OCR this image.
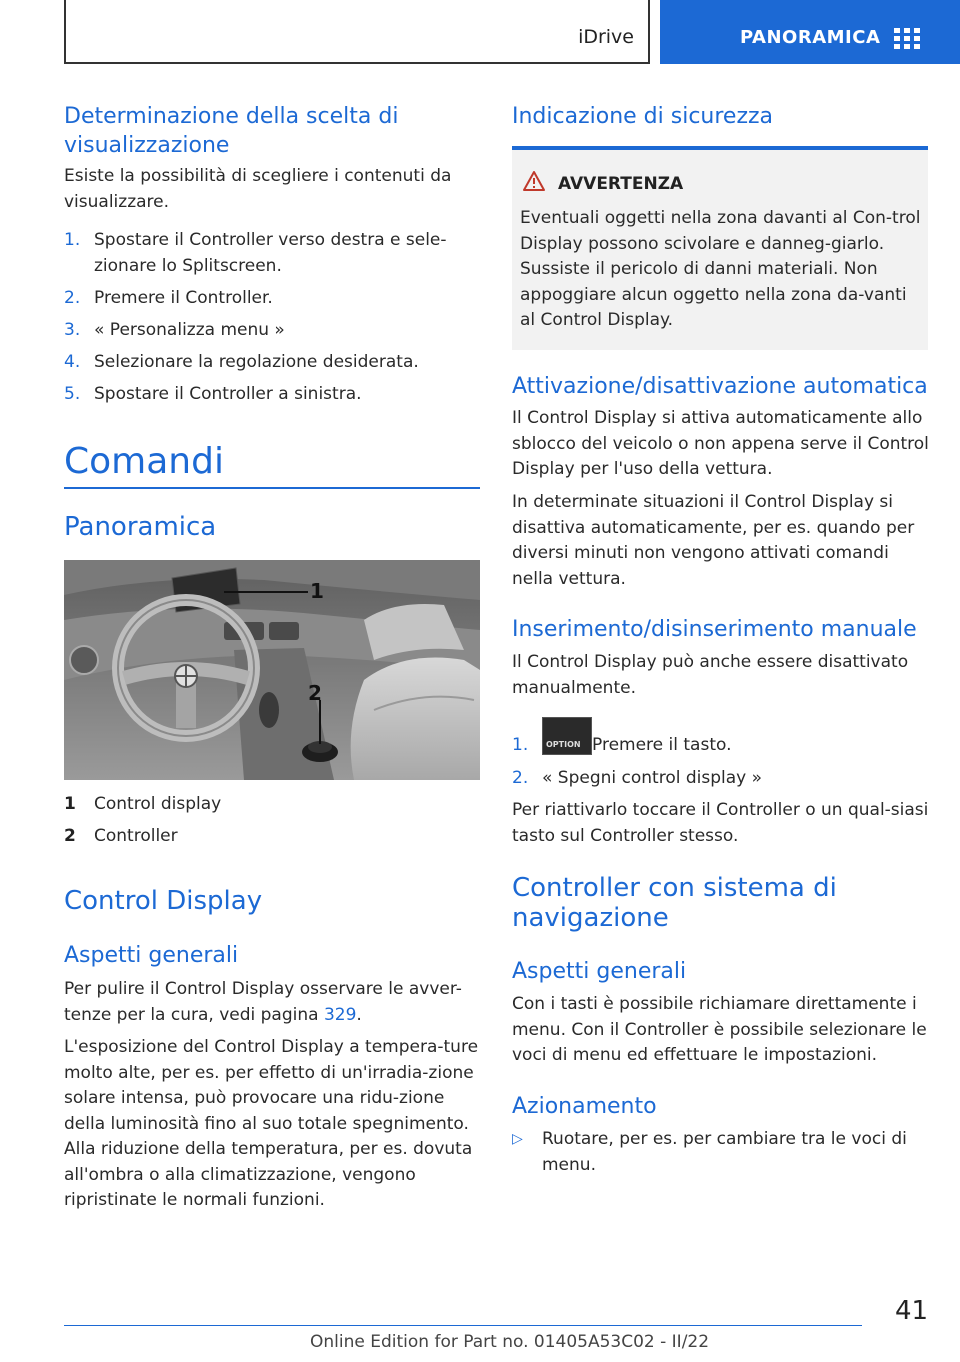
iDrive	PANORAMICA
Determinazione della scelta di visualizzazione
Esiste la possibilità di scegliere i contenuti da visualizzare.
1. Spostare il Controller verso destra e sele-zionare lo Splitscreen.
2. Premere il Controller.
3. « Personalizza menu »
4. Selezionare la regolazione desiderata.
5. Spostare il Controller a sinistra.
Comandi
Panoramica
1
2
1 Control display
2 Controller
Control Display
Aspetti generali
Per pulire il Control Display osservare le avver-tenze per la cura, vedi pagina 329.
L'esposizione del Control Display a tempera-ture molto alte, per es. per effetto di un'irradia-zione solare intensa, può provocare una ridu-zione della luminosità fino al suo totale spegnimento. Alla riduzione della temperatura, per es. dovuta all'ombra o alla climatizzazione, vengono ripristinate le normali funzioni.
Indicazione di sicurezza
AVVERTENZA
Eventuali oggetti nella zona davanti al Con-trol Display possono scivolare e danneg-giarlo. Sussiste il pericolo di danni materiali. Non appoggiare alcun oggetto nella zona da-vanti al Control Display.
Attivazione/disattivazione automatica
Il Control Display si attiva automaticamente allo sblocco del veicolo o non appena serve il Control Display per l'uso della vettura.
In determinate situazioni il Control Display si disattiva automaticamente, per es. quando per diversi minuti non vengono attivati comandi nella vettura.
Inserimento/disinserimento manuale
Il Control Display può anche essere disattivato manualmente.
1. OPTION Premere il tasto.
2. « Spegni control display »
Per riattivarlo toccare il Controller o un qual-siasi tasto sul Controller stesso.
Controller con sistema di navigazione
Aspetti generali
Con i tasti è possibile richiamare direttamente i menu. Con il Controller è possibile selezionare le voci di menu ed effettuare le impostazioni.
Azionamento
▷ Ruotare, per es. per cambiare tra le voci di menu.
41
Online Edition for Part no. 01405A53C02 - II/22
